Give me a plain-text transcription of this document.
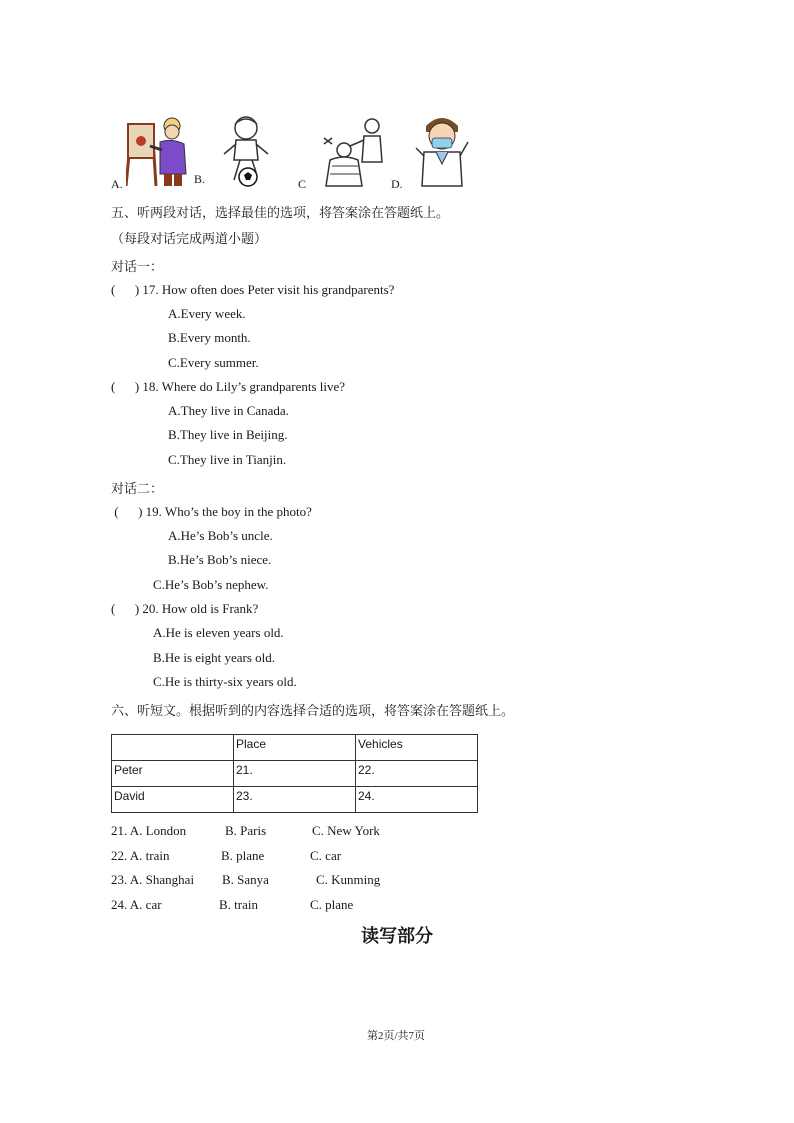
A.	B.	C	D.
五、听两段对话，选择最佳的选项，将答案涂在答题纸上。
（每段对话完成两道小题）
对话一：
(      ) 17. How often does Peter visit his grandparents?
A.Every week.
B.Every month.
C.Every summer.
(      ) 18. Where do Lily’s grandparents live?
A.They live in Canada.
B.They live in Beijing.
C.They live in Tianjin.
对话二：
(      ) 19. Who’s the boy in the photo?
A.He’s Bob’s uncle.
B.He’s Bob’s niece.
C.He’s Bob’s nephew.
(      ) 20. How old is Frank?
A.He is eleven years old.
B.He is eight years old.
C.He is thirty-six years old.
六、听短文。根据听到的内容选择合适的选项，将答案涂在答题纸上。
	Place	Vehicles
Peter	21.	22.
David	23.	24.
21. A. London	B. Paris	C. New York
22. A. train	B. plane	C. car
23. A. Shanghai B. Sanya	C. Kunming
24. A. car	B. train	C. plane
读写部分
第2页/共7页
